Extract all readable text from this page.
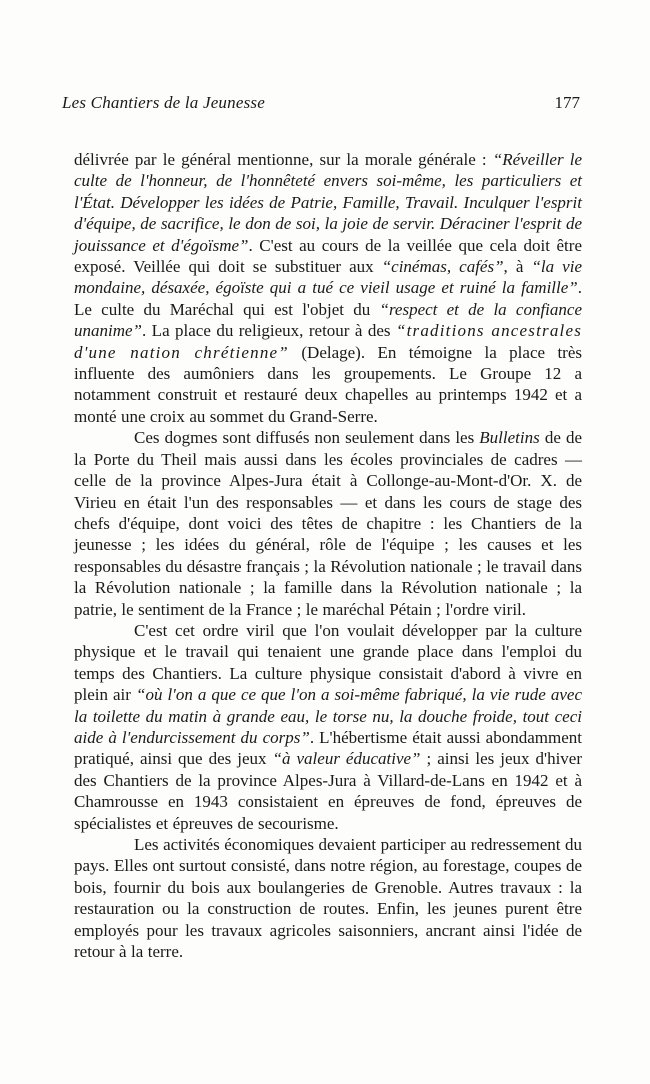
Les Chantiers de la Jeunesse	177

délivrée par le général mentionne, sur la morale générale : “Réveiller le culte de l'honneur, de l'honnêteté envers soi-même, les particuliers et l'État. Développer les idées de Patrie, Famille, Travail. Inculquer l'esprit d'équipe, de sacrifice, le don de soi, la joie de servir. Déraciner l'esprit de jouissance et d'égoïsme”. C'est au cours de la veillée que cela doit être exposé. Veillée qui doit se substituer aux “cinémas, cafés”, à “la vie mondaine, désaxée, égoïste qui a tué ce vieil usage et ruiné la famille”. Le culte du Maréchal qui est l'objet du “respect et de la confiance unanime”. La place du religieux, retour à des “traditions ancestrales d'une nation chrétienne” (Delage). En témoigne la place très influente des aumôniers dans les groupements. Le Groupe 12 a notamment construit et restauré deux chapelles au printemps 1942 et a monté une croix au sommet du Grand-Serre.

Ces dogmes sont diffusés non seulement dans les Bulletins de de la Porte du Theil mais aussi dans les écoles provinciales de cadres — celle de la province Alpes-Jura était à Collonge-au-Mont-d'Or. X. de Virieu en était l'un des responsables — et dans les cours de stage des chefs d'équipe, dont voici des têtes de chapitre : les Chantiers de la jeunesse ; les idées du général, rôle de l'équipe ; les causes et les responsables du désastre français ; la Révolution nationale ; le travail dans la Révolution nationale ; la famille dans la Révolution nationale ; la patrie, le sentiment de la France ; le maréchal Pétain ; l'ordre viril.

C'est cet ordre viril que l'on voulait développer par la culture physique et le travail qui tenaient une grande place dans l'emploi du temps des Chantiers. La culture physique consistait d'abord à vivre en plein air “où l'on a que ce que l'on a soi-même fabriqué, la vie rude avec la toilette du matin à grande eau, le torse nu, la douche froide, tout ceci aide à l'endurcissement du corps”. L'hébertisme était aussi abondamment pratiqué, ainsi que des jeux “à valeur éducative” ; ainsi les jeux d'hiver des Chantiers de la province Alpes-Jura à Villard-de-Lans en 1942 et à Chamrousse en 1943 consistaient en épreuves de fond, épreuves de spécialistes et épreuves de secourisme.

Les activités économiques devaient participer au redressement du pays. Elles ont surtout consisté, dans notre région, au forestage, coupes de bois, fournir du bois aux boulangeries de Grenoble. Autres travaux : la restauration ou la construction de routes. Enfin, les jeunes purent être employés pour les travaux agricoles saisonniers, ancrant ainsi l'idée de retour à la terre.
